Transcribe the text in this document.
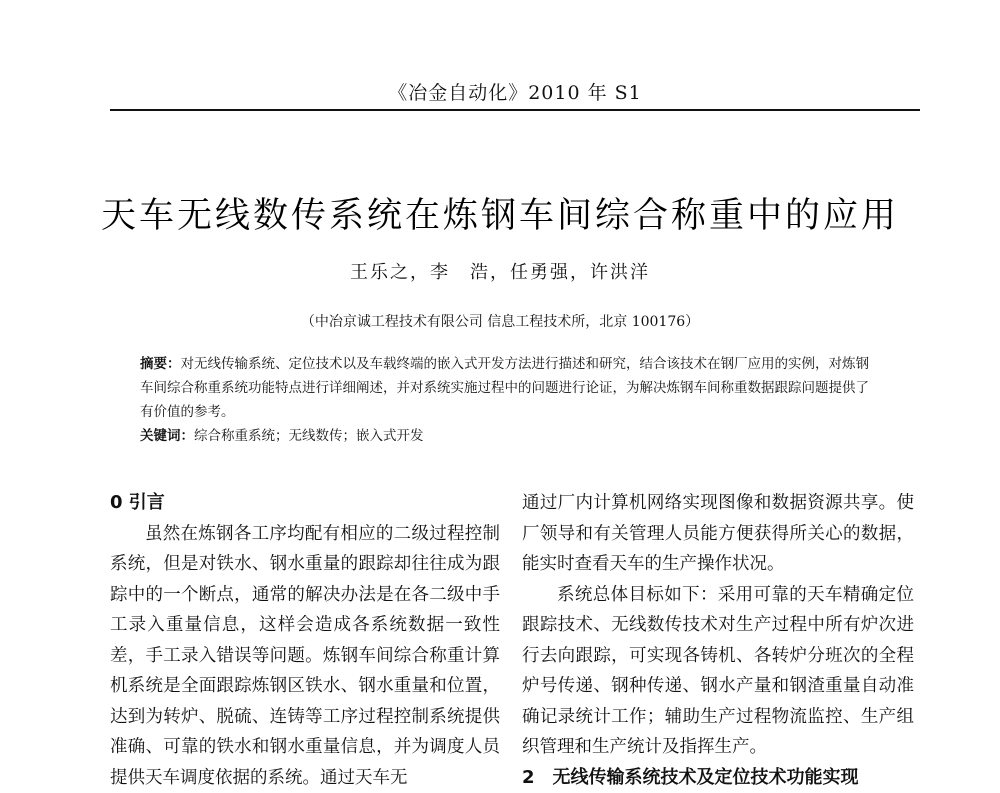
《冶金自动化》2010 年 S1
天车无线数传系统在炼钢车间综合称重中的应用
王乐之，李　浩，任勇强，许洪洋
（中冶京诚工程技术有限公司 信息工程技术所，北京 100176）

摘要：对无线传输系统、定位技术以及车载终端的嵌入式开发方法进行描述和研究，结合该技术在钢厂应用的实例，对炼钢车间综合称重系统功能特点进行详细阐述，并对系统实施过程中的问题进行论证，为解决炼钢车间称重数据跟踪问题提供了有价值的参考。

关键词：综合称重系统；无线数传；嵌入式开发

0 引言

虽然在炼钢各工序均配有相应的二级过程控制系统，但是对铁水、钢水重量的跟踪却往往成为跟踪中的一个断点，通常的解决办法是在各二级中手工录入重量信息，这样会造成各系统数据一致性差，手工录入错误等问题。炼钢车间综合称重计算机系统是全面跟踪炼钢区铁水、钢水重量和位置，达到为转炉、脱硫、连铸等工序过程控制系统提供准确、可靠的铁水和钢水重量信息，并为调度人员提供天车调度依据的系统。通过天车无

通过厂内计算机网络实现图像和数据资源共享。使厂领导和有关管理人员能方便获得所关心的数据，能实时查看天车的生产操作状况。

系统总体目标如下：采用可靠的天车精确定位跟踪技术、无线数传技术对生产过程中所有炉次进行去向跟踪，可实现各铸机、各转炉分班次的全程炉号传递、钢种传递、钢水产量和钢渣重量自动准确记录统计工作；辅助生产过程物流监控、生产组织管理和生产统计及指挥生产。

2　无线传输系统技术及定位技术功能实现
